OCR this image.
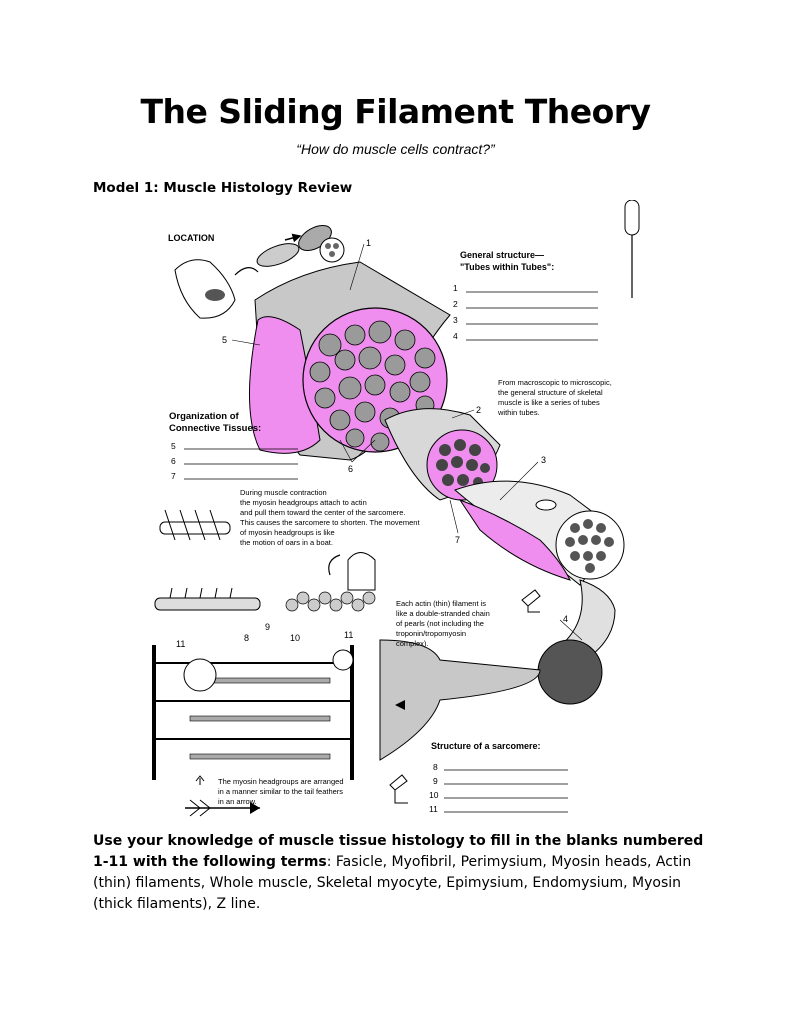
The Sliding Filament Theory
“How do muscle cells contract?”
Model 1: Muscle Histology Review
LOCATION	1
2
3
4
5
6
7
8
9
10	11
11
General structure—
"Tubes within Tubes":
1
2
3
4
From macroscopic to microscopic,
the general structure of skeletal
muscle is like a series of tubes
within tubes.
Organization of
Connective Tissues:
5
6
7
During muscle contraction
the myosin headgroups attach to actin
and pull them toward the center of the sarcomere.
This causes the sarcomere to shorten. The movement
of myosin headgroups is like
the motion of oars in a boat.
Each actin (thin) filament is
like a double-stranded chain
of pearls (not including the
troponin/tropomyosin
complex).
The myosin headgroups are arranged
in a manner similar to the tail feathers
in an arrow.
Structure of a sarcomere:
8
9
10
11
Use your knowledge of muscle tissue histology to fill in the blanks numbered 1-11 with the following terms: Fasicle, Myofibril, Perimysium, Myosin heads, Actin (thin) filaments, Whole muscle, Skeletal myocyte, Epimysium, Endomysium, Myosin (thick filaments), Z line.
